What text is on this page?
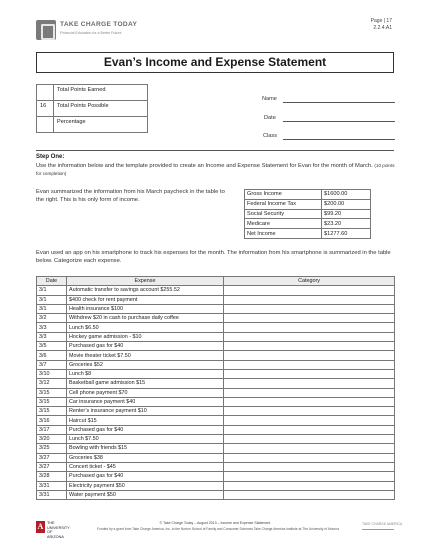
TAKE CHARGE TODAY
Financial Education for a Better Future
Page | 17
2.2.4.A1
Evan’s Income and Expense Statement
	Total Points Earned
16	Total Points Possible
	Percentage
Name
Date
Class
Step One:
Use the information below and the template provided to create an Income and Expense Statement for Evan for the month of March. (10 points for completion)
Evan summarized the information from his March paycheck in the table to the right. This is his only form of income.
Gross Income	$1600.00
Federal Income Tax	$200.00
Social Security	$99.20
Medicare	$23.20
Net Income	$1277.60
Evan used an app on his smartphone to track his expenses for the month. The information from his smartphone is summarized in the table below. Categorize each expense.
Date	Expense	Category
3/1	Automatic transfer to savings account $255.52	
3/1	$400 check for rent payment	
3/1	Health insurance $100	
3/2	Withdrew $20 in cash to purchase daily coffee	
3/3	Lunch $6.50	
3/3	Hockey game admission - $10	
3/5	Purchased gas for $40	
3/6	Movie theater ticket $7.50	
3/7	Groceries $52	
3/10	Lunch $8	
3/12	Basketball game admission $15	
3/15	Cell phone payment $70	
3/15	Car insurance payment $40	
3/15	Renter’s insurance payment $10	
3/16	Haircut $15	
3/17	Purchased gas for $40	
3/20	Lunch $7.50	
3/25	Bowling with friends $15	
3/27	Groceries $38	
3/27	Concert ticket - $45	
3/28	Purchased gas for $40	
3/31	Electricity payment $50	
3/31	Water payment $50	
A
THE UNIVERSITY
OF ARIZONA
© Take Charge Today – August 2013 – Income and Expense Statement
Funded by a grant from Take Charge America, Inc. to the Norton School of Family and Consumer Sciences Take Charge America Institute at The University of Arizona
TAKE CHARGE AMERICA
